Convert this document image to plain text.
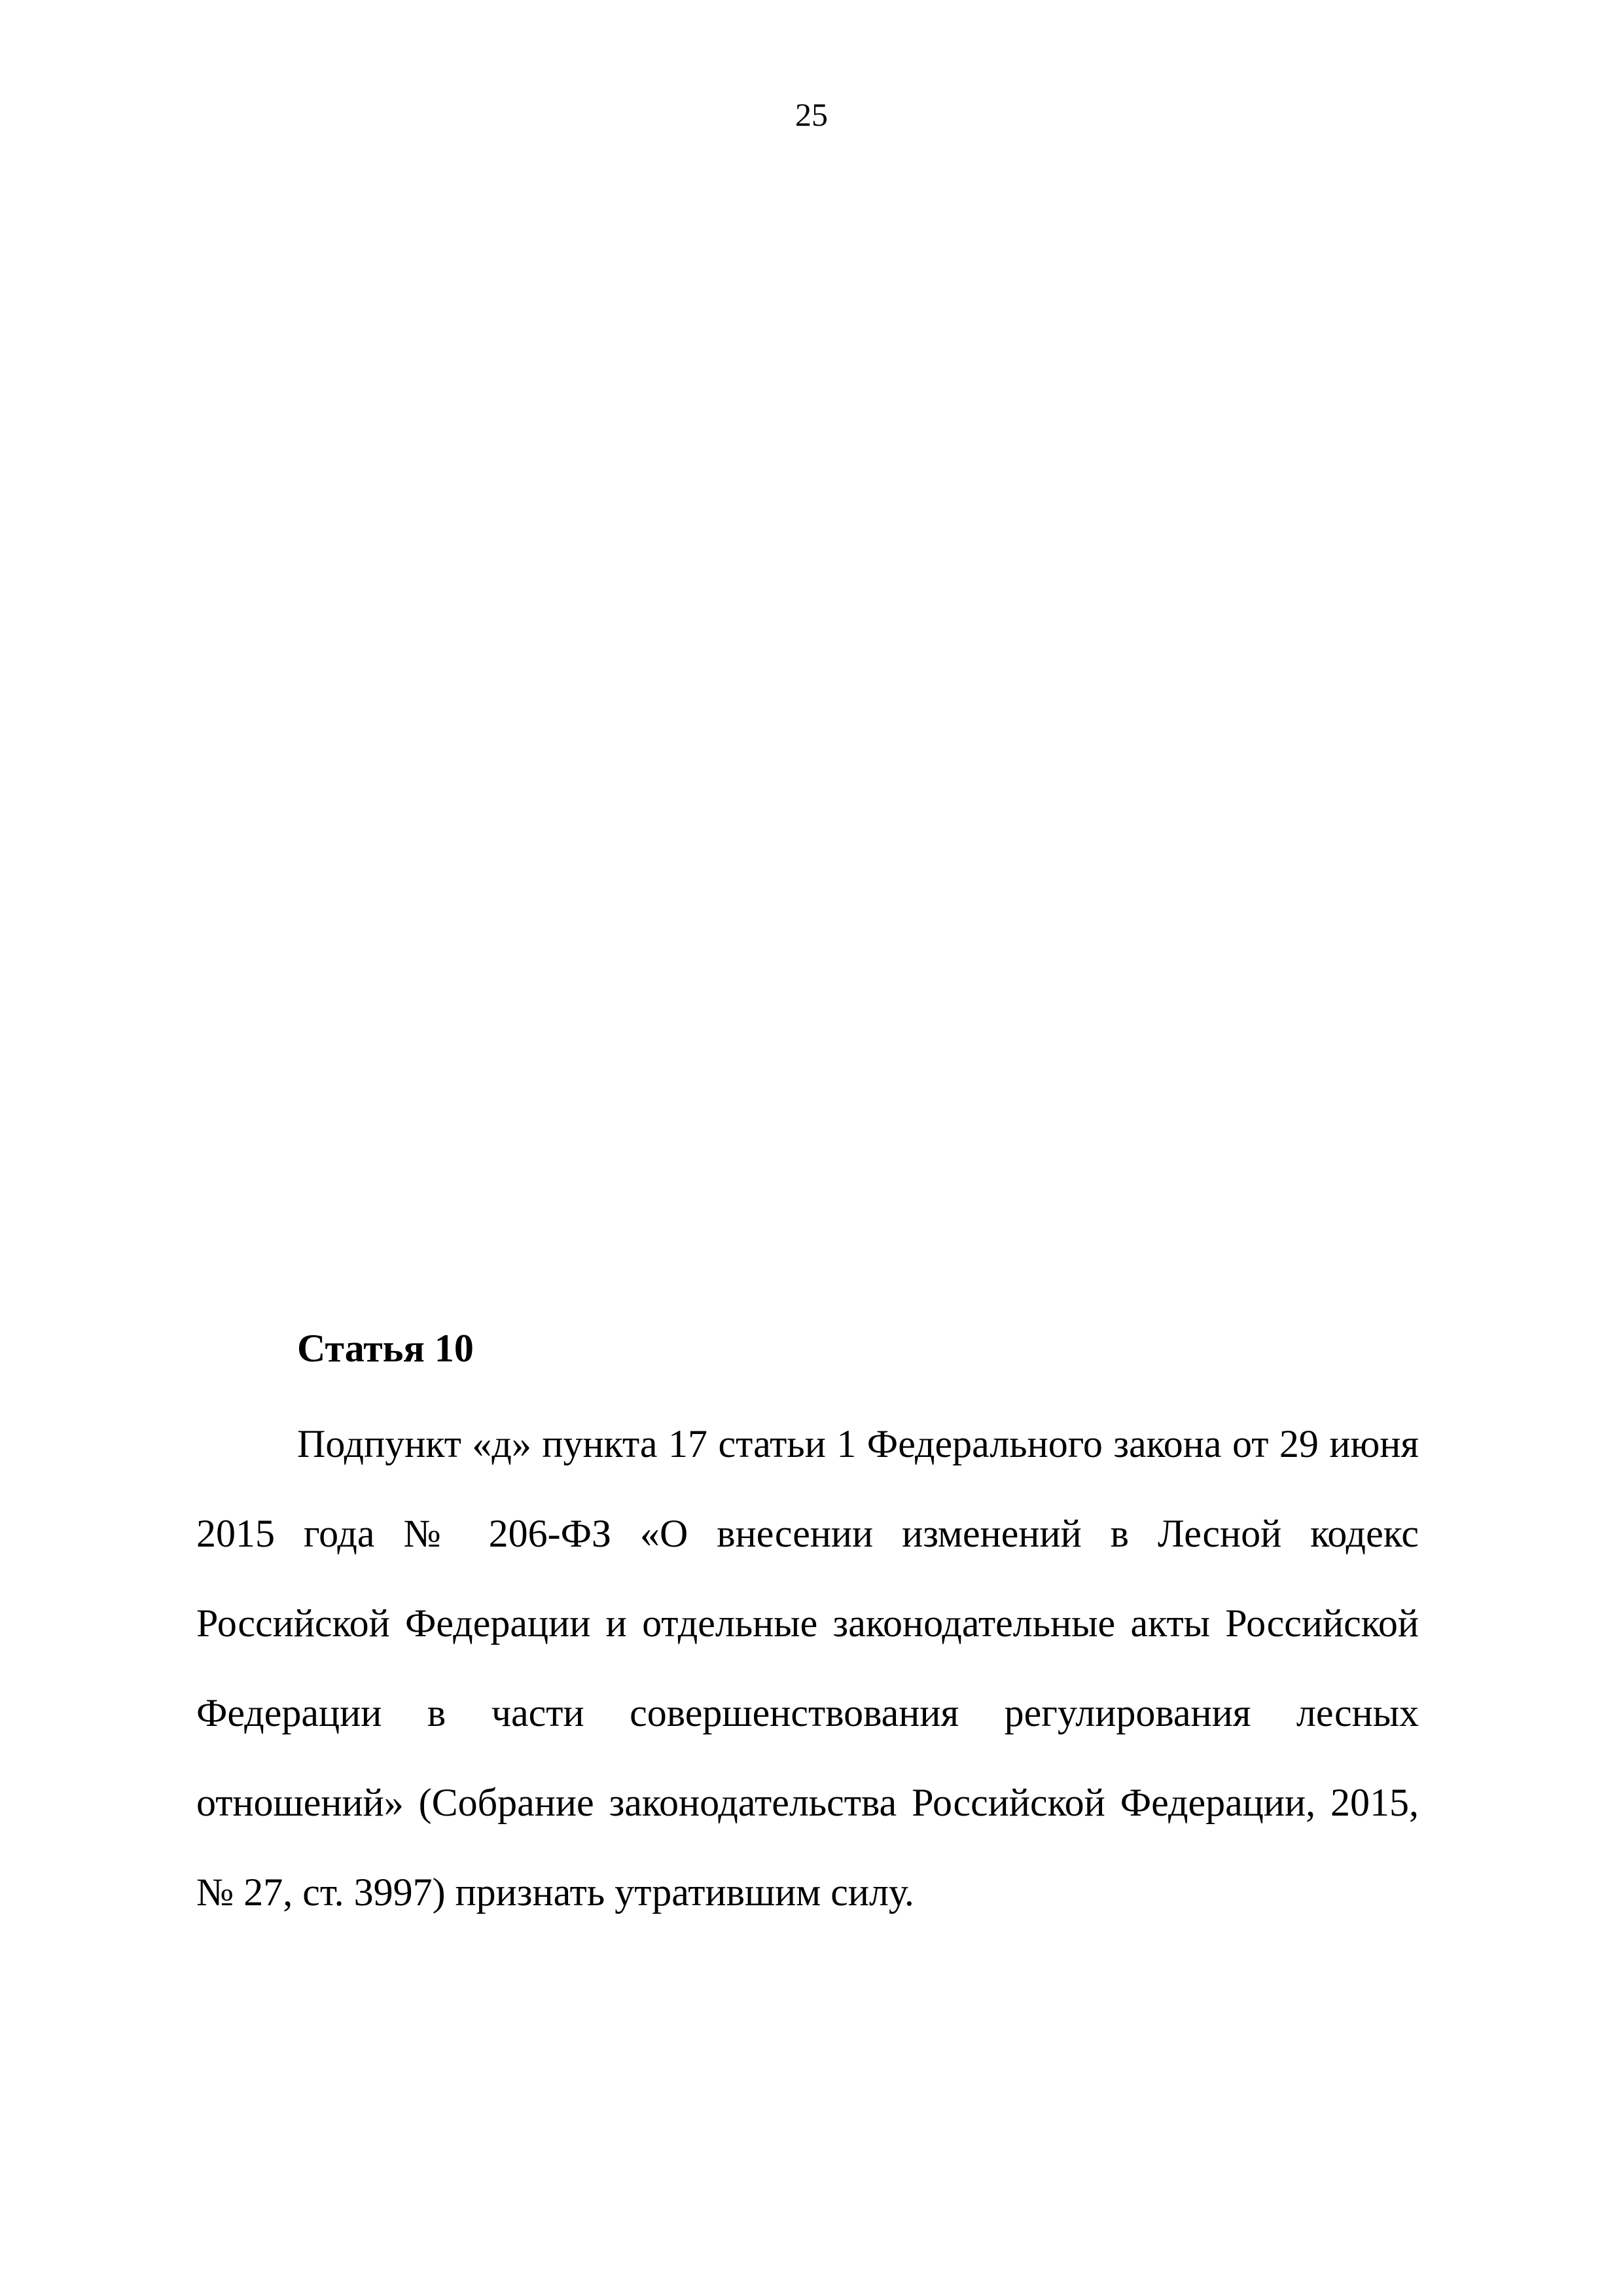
25
Статья 10

Подпункт «д» пункта 17 статьи 1 Федерального закона от 29 июня 2015 года № 206-ФЗ «О внесении изменений в Лесной кодекс Российской Федерации и отдельные законодательные акты Российской Федерации в части совершенствования регулирования лесных отношений» (Собрание законодательства Российской Федерации, 2015, № 27, ст. 3997) признать утратившим силу.
